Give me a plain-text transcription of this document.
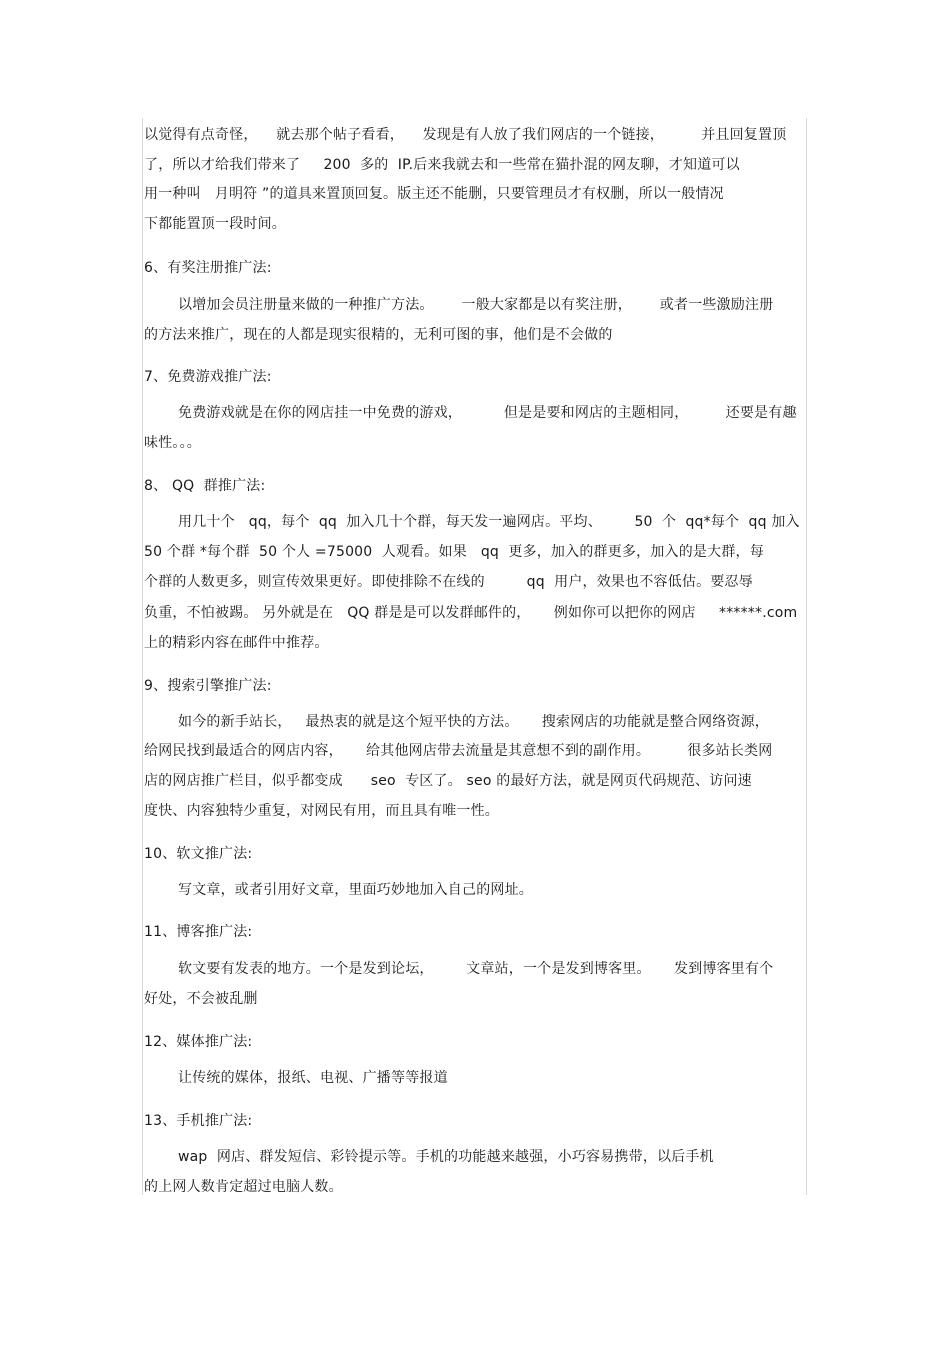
以觉得有点奇怪，    就去那个帖子看看，    发现是有人放了我们网店的一个链接，        并且回复置顶
了，所以才给我们带来了     200  多的  IP.后来我就去和一些常在猫扑混的网友聊，才知道可以
用一种叫   月明符 ”的道具来置顶回复。版主还不能删，只要管理员才有权删，所以一般情况
下都能置顶一段时间。
6、有奖注册推广法:
以增加会员注册量来做的一种推广方法。      一般大家都是以有奖注册，      或者一些激励注册
的方法来推广，现在的人都是现实很精的，无利可图的事，他们是不会做的
7、免费游戏推广法:
免费游戏就是在你的网店挂一中免费的游戏，         但是是要和网店的主题相同，        还要是有趣
味性。。。
8、 QQ  群推广法:
用几十个   qq，每个  qq  加入几十个群，每天发一遍网店。平均、       50  个  qq*每个  qq 加入
50 个群 *每个群  50 个人 =75000  人观看。如果   qq  更多，加入的群更多，加入的是大群，每
个群的人数更多，则宣传效果更好。即使排除不在线的         qq  用户，效果也不容低估。要忍辱
负重，不怕被踢。 另外就是在   QQ 群是是可以发群邮件的，     例如你可以把你的网店     ******.com
上的精彩内容在邮件中推荐。
9、搜索引擎推广法:
如今的新手站长，   最热衷的就是这个短平快的方法。     搜索网店的功能就是整合网络资源，
给网民找到最适合的网店内容，     给其他网店带去流量是其意想不到的副作用。        很多站长类网
店的网店推广栏目，似乎都变成      seo  专区了。 seo 的最好方法，就是网页代码规范、访问速
度快、内容独特少重复，对网民有用，而且具有唯一性。
10、软文推广法:
写文章，或者引用好文章，里面巧妙地加入自己的网址。
11、博客推广法:
软文要有发表的地方。一个是发到论坛，       文章站，一个是发到博客里。     发到博客里有个
好处，不会被乱删
12、媒体推广法:
让传统的媒体，报纸、电视、广播等等报道
13、手机推广法:
wap  网店、群发短信、彩铃提示等。手机的功能越来越强，小巧容易携带，以后手机
的上网人数肯定超过电脑人数。
